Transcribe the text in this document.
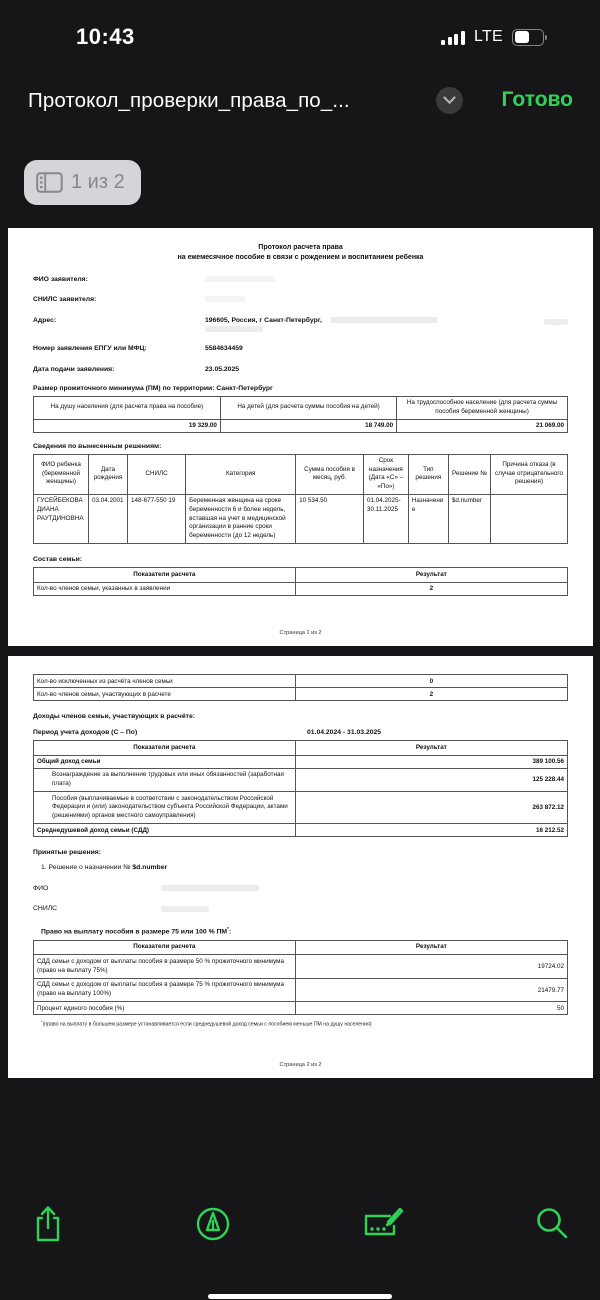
10:43	LTE
Протокол_проверки_права_по_...	Готово
1 из 2
Протокол расчета права
на ежемесячное пособие в связи с рождением и воспитанием ребенка
ФИО заявителя:
СНИЛС заявителя:
Адрес:	196605, Россия, г Санкт-Петербург,

Номер заявления ЕПГУ или МФЦ:	5584634459
Дата подачи заявления:	23.05.2025
Размер прожиточного минимума (ПМ) по территории: Санкт-Петербург
На душу населения (для расчета права на пособие)	На детей (для расчета суммы пособия на детей)	На трудоспособное население (для расчета суммы пособия беременной женщины)
19 329.00	18 749.00	21 069.00
Сведения по вынесенным решениям:
ФИО ребенка (беременной женщины)	Дата рождения	СНИЛС	Категория	Сумма пособия в месяц, руб.	Срок назначения (Дата «С» – «По»)	Тип решения	Решение №	Причина отказа (в случае отрицательного решения)
ГУСЕЙБЕКОВА ДИАНА РАУТДИНОВНА	03.04.2001	148-677-550 19	Беременная женщина на сроке беременности 6 и более недель, вставшая на учет в медицинской организации в ранние сроки беременности (до 12 недель)	10 534.50	01.04.2025-30.11.2025	Назначение	$d.number	
Состав семьи:
Показатели расчета	Результат
Кол-во членов семьи, указанных в заявлении	2
Страница 1 из 2
Кол-во исключенных из расчёта членов семьи	0
Кол-во членов семьи, участвующих в расчете	2
Доходы членов семьи, участвующих в расчёте:
Период учета доходов (С – По)	01.04.2024 - 31.03.2025
Показатели расчета	Результат
Общий доход семьи	389 100.56
Вознаграждение за выполнение трудовых или иных обязанностей (заработная плата)	125 228.44
Пособия (выплачиваемые в соответствии с законодательством Российской Федерации и (или) законодательством субъекта Российской Федерации, актами (решениями) органов местного самоуправления)	263 872.12
Среднедушевой доход семьи (СДД)	16 212.52
Принятые решения:
1. Решение о назначении № $d.number
ФИО
СНИЛС
Право на выплату пособия в размере 75 или 100 % ПМ*:
Показатели расчета	Результат
СДД семьи с доходом от выплаты пособия в размере 50 % прожиточного минимума (право на выплату 75%)	19724.02
СДД семьи с доходом от выплаты пособия в размере 75 % прожиточного минимума (право на выплату 100%)	21479.77
Процент единого пособия (%)	50
*(право на выплату в большем размере устанавливается если среднедушевой доход семьи с пособием меньше ПМ на душу населения)
Страница 2 из 2
